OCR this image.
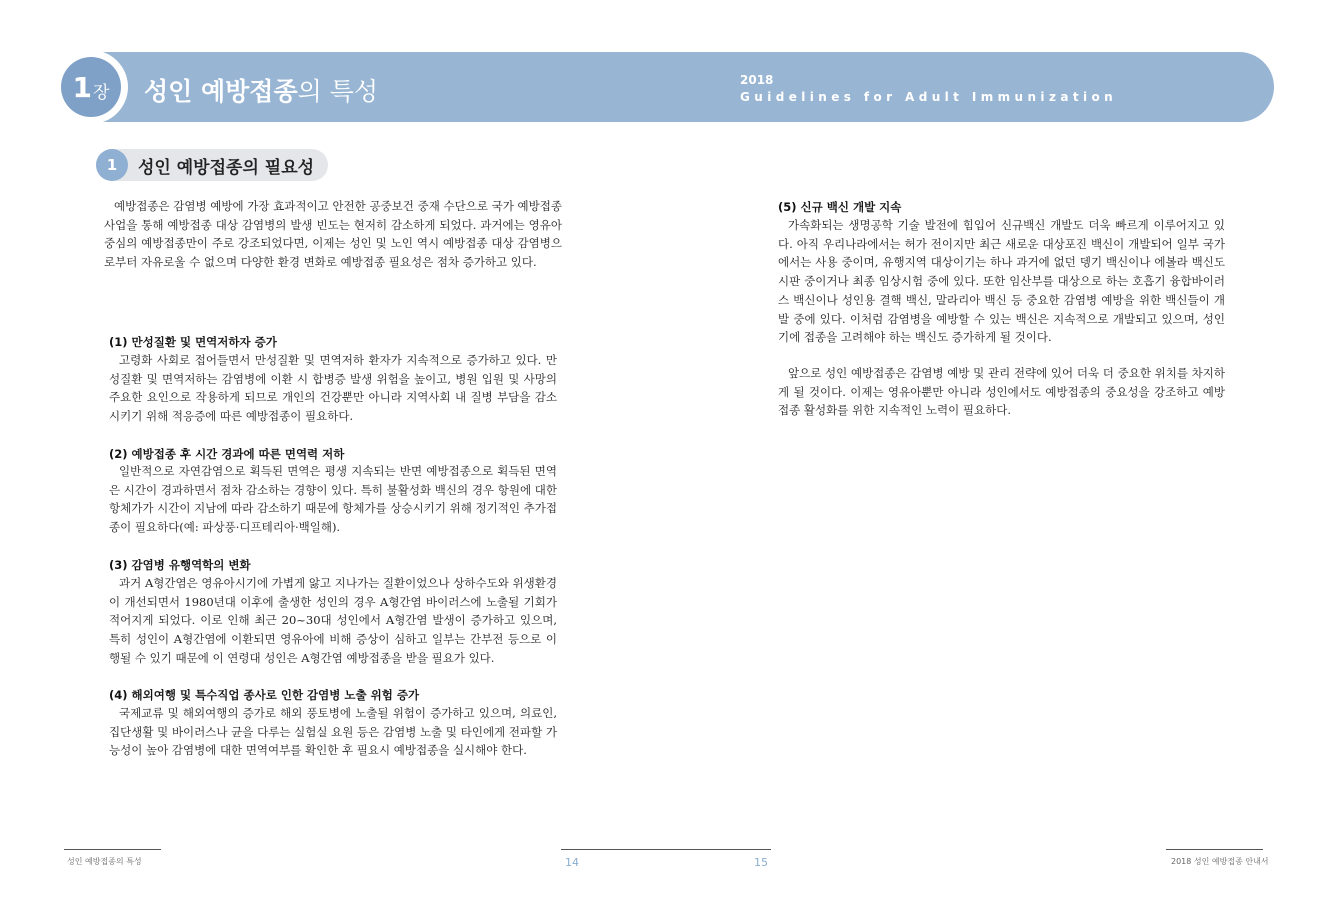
1 장 성인 예방접종의 특성	2018
Guidelines for Adult Immunization
1	성인 예방접종의 필요성

예방접종은 감염병 예방에 가장 효과적이고 안전한 공중보건 중재 수단으로 국가 예방접종 사업을 통해 예방접종 대상 감염병의 발생 빈도는 현저히 감소하게 되었다. 과거에는 영유아 중심의 예방접종만이 주로 강조되었다면, 이제는 성인 및 노인 역시 예방접종 대상 감염병으로부터 자유로울 수 없으며 다양한 환경 변화로 예방접종 필요성은 점차 증가하고 있다.

(1) 만성질환 및 면역저하자 증가

고령화 사회로 접어들면서 만성질환 및 면역저하 환자가 지속적으로 증가하고 있다. 만성질환 및 면역저하는 감염병에 이환 시 합병증 발생 위험을 높이고, 병원 입원 및 사망의 주요한 요인으로 작용하게 되므로 개인의 건강뿐만 아니라 지역사회 내 질병 부담을 감소시키기 위해 적응증에 따른 예방접종이 필요하다.

(2) 예방접종 후 시간 경과에 따른 면역력 저하

일반적으로 자연감염으로 획득된 면역은 평생 지속되는 반면 예방접종으로 획득된 면역은 시간이 경과하면서 점차 감소하는 경향이 있다. 특히 불활성화 백신의 경우 항원에 대한 항체가가 시간이 지남에 따라 감소하기 때문에 항체가를 상승시키기 위해 정기적인 추가접종이 필요하다(예: 파상풍·디프테리아·백일해).

(3) 감염병 유행역학의 변화

과거 A형간염은 영유아시기에 가볍게 앓고 지나가는 질환이었으나 상하수도와 위생환경이 개선되면서 1980년대 이후에 출생한 성인의 경우 A형간염 바이러스에 노출될 기회가 적어지게 되었다. 이로 인해 최근 20~30대 성인에서 A형간염 발생이 증가하고 있으며, 특히 성인이 A형간염에 이환되면 영유아에 비해 증상이 심하고 일부는 간부전 등으로 이행될 수 있기 때문에 이 연령대 성인은 A형간염 예방접종을 받을 필요가 있다.

(4) 해외여행 및 특수직업 종사로 인한 감염병 노출 위험 증가

국제교류 및 해외여행의 증가로 해외 풍토병에 노출될 위험이 증가하고 있으며, 의료인, 집단생활 및 바이러스나 균을 다루는 실험실 요원 등은 감염병 노출 및 타인에게 전파할 가능성이 높아 감염병에 대한 면역여부를 확인한 후 필요시 예방접종을 실시해야 한다.

(5) 신규 백신 개발 지속

가속화되는 생명공학 기술 발전에 힘입어 신규백신 개발도 더욱 빠르게 이루어지고 있다. 아직 우리나라에서는 허가 전이지만 최근 새로운 대상포진 백신이 개발되어 일부 국가에서는 사용 중이며, 유행지역 대상이기는 하나 과거에 없던 뎅기 백신이나 에볼라 백신도 시판 중이거나 최종 임상시험 중에 있다. 또한 임산부를 대상으로 하는 호흡기 융합바이러스 백신이나 성인용 결핵 백신, 말라리아 백신 등 중요한 감염병 예방을 위한 백신들이 개발 중에 있다. 이처럼 감염병을 예방할 수 있는 백신은 지속적으로 개발되고 있으며, 성인기에 접종을 고려해야 하는 백신도 증가하게 될 것이다.

앞으로 성인 예방접종은 감염병 예방 및 관리 전략에 있어 더욱 더 중요한 위치를 차지하게 될 것이다. 이제는 영유아뿐만 아니라 성인에서도 예방접종의 중요성을 강조하고 예방접종 활성화를 위한 지속적인 노력이 필요하다.

성인 예방접종의 특성	14	15	2018 성인 예방접종 안내서
